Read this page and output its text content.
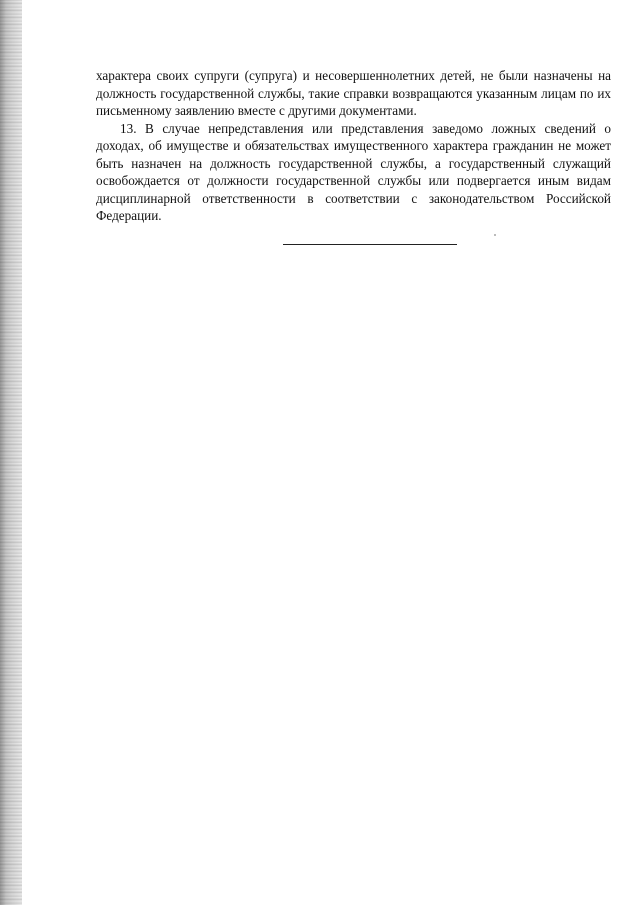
характера своих супруги (супруга) и несовершеннолетних детей, не были назначены на должность государственной службы, такие справки возвращаются указанным лицам по их письменному заявлению вместе с другими документами.

13. В случае непредставления или представления заведомо ложных сведений о доходах, об имуществе и обязательствах имущественного характера гражданин не может быть назначен на должность государственной службы, а государственный служащий освобождается от должности государственной службы или подвергается иным видам дисциплинарной ответственности в соответствии с законодательством Российской Федерации.
